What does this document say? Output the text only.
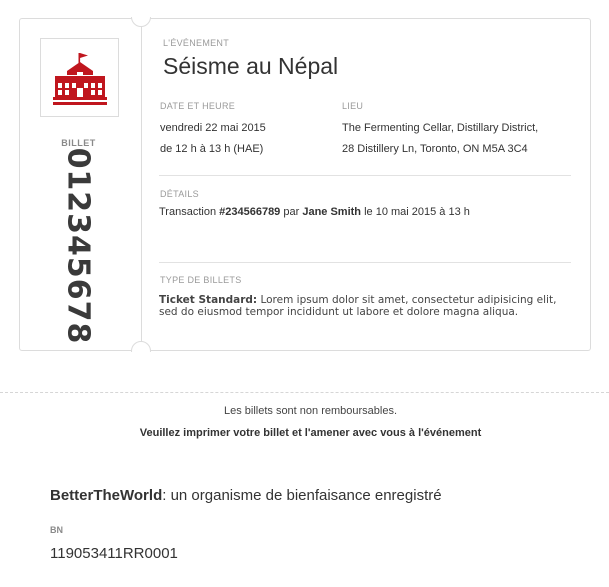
BILLET
012345678
L'ÉVÉNEMENT
Séisme au Népal
DATE ET HEURE
vendredi 22 mai 2015
de 12 h à 13 h (HAE)
LIEU
The Fermenting Cellar, Distillary District,
28 Distillery Ln, Toronto, ON M5A 3C4
DÉTAILS
Transaction #234566789 par Jane Smith le 10 mai 2015 à 13 h
TYPE DE BILLETS
Ticket Standard: Lorem ipsum dolor sit amet, consectetur adipisicing elit, sed do eiusmod tempor incididunt ut labore et dolore magna aliqua.
Les billets sont non remboursables.
Veuillez imprimer votre billet et l'amener avec vous à l'événement
BetterTheWorld: un organisme de bienfaisance enregistré
BN
119053411RR0001
